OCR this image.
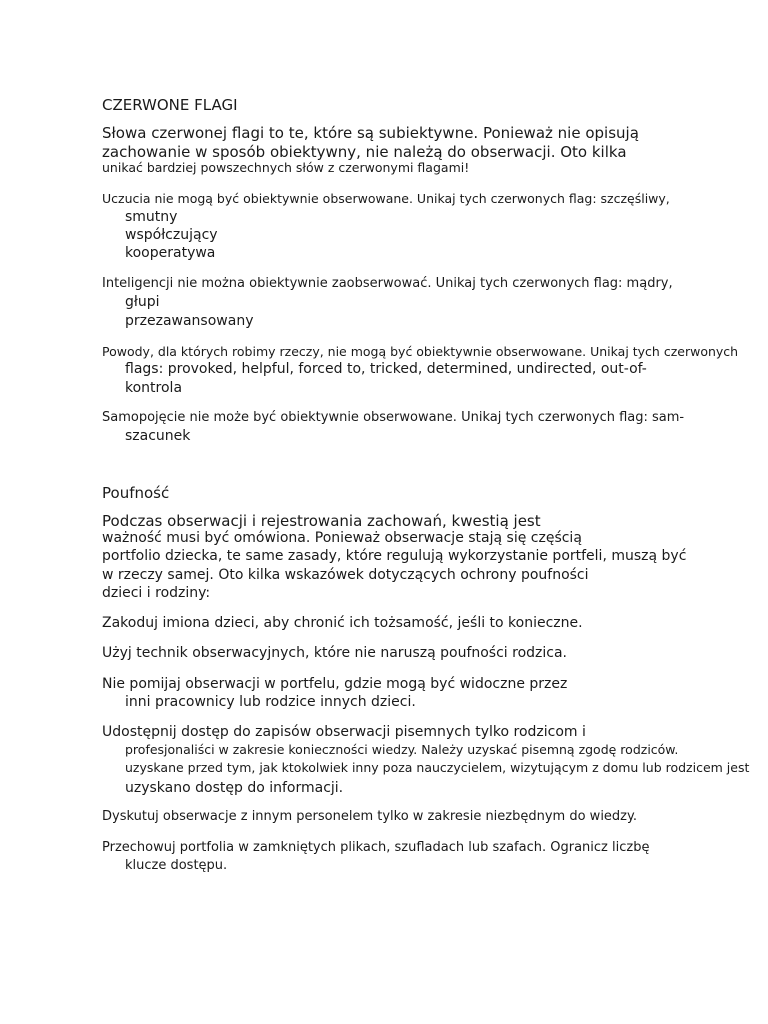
CZERWONE FLAGI
Słowa czerwonej flagi to te, które są subiektywne. Ponieważ nie opisują
zachowanie w sposób obiektywny, nie należą do obserwacji. Oto kilka
unikać bardziej powszechnych słów z czerwonymi flagami!
Uczucia nie mogą być obiektywnie obserwowane. Unikaj tych czerwonych flag: szczęśliwy,
smutny
współczujący
kooperatywa
Inteligencji nie można obiektywnie zaobserwować. Unikaj tych czerwonych flag: mądry,
głupi
przezawansowany
Powody, dla których robimy rzeczy, nie mogą być obiektywnie obserwowane. Unikaj tych czerwonych
flags: provoked, helpful, forced to, tricked, determined, undirected, out-of-
kontrola
Samopojęcie nie może być obiektywnie obserwowane. Unikaj tych czerwonych flag: sam-
szacunek
Poufność
Podczas obserwacji i rejestrowania zachowań, kwestią jest
ważność musi być omówiona. Ponieważ obserwacje stają się częścią
portfolio dziecka, te same zasady, które regulują wykorzystanie portfeli, muszą być
w rzeczy samej. Oto kilka wskazówek dotyczących ochrony poufności
dzieci i rodziny:
Zakoduj imiona dzieci, aby chronić ich tożsamość, jeśli to konieczne.
Użyj technik obserwacyjnych, które nie naruszą poufności rodzica.
Nie pomijaj obserwacji w portfelu, gdzie mogą być widoczne przez
inni pracownicy lub rodzice innych dzieci.
Udostępnij dostęp do zapisów obserwacji pisemnych tylko rodzicom i
profesjonaliści w zakresie konieczności wiedzy. Należy uzyskać pisemną zgodę rodziców.
uzyskane przed tym, jak ktokolwiek inny poza nauczycielem, wizytującym z domu lub rodzicem jest
uzyskano dostęp do informacji.
Dyskutuj obserwacje z innym personelem tylko w zakresie niezbędnym do wiedzy.
Przechowuj portfolia w zamkniętych plikach, szufladach lub szafach. Ogranicz liczbę
klucze dostępu.
